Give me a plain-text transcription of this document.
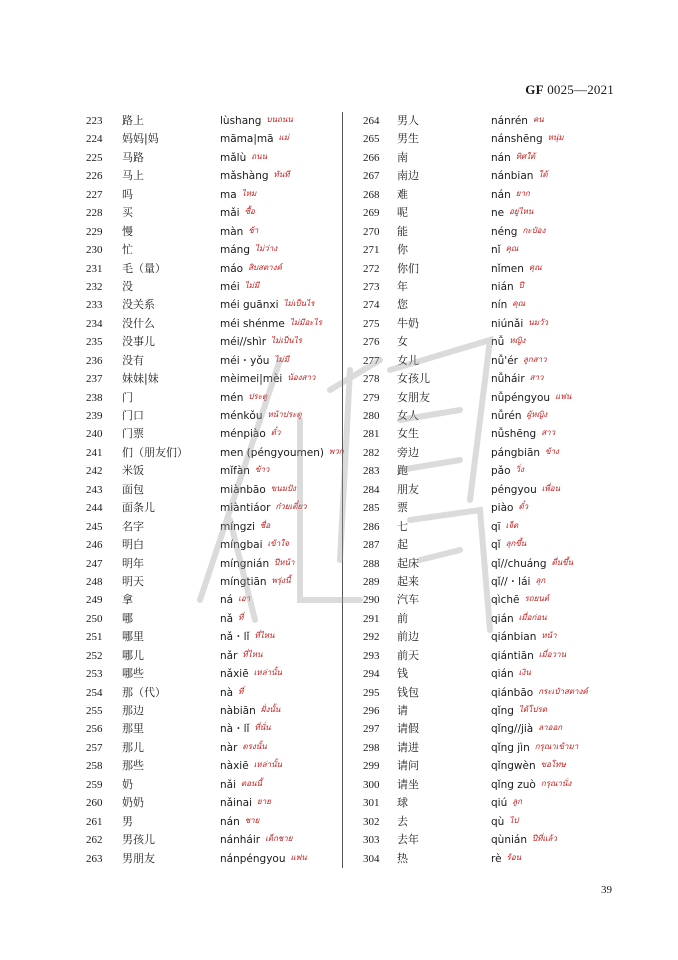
GF 0025—2021
223	路上	lùshang บนถนน
224	妈妈|妈	māma|mā แม่
225	马路	mǎlù ถนน
226	马上	mǎshàng ทันที
227	吗	ma ไหม
228	买	mǎi ซื้อ
229	慢	màn ช้า
230	忙	máng ไม่ว่าง
231	毛（量）	máo สิบสตางค์
232	没	méi ไม่มี
233	没关系	méi guānxi ไม่เป็นไร
234	没什么	méi shénme ไม่มีอะไร
235	没事儿	méi//shìr ไม่เป็นไร
236	没有	méi・yǒu ไม่มี
237	妹妹|妹	mèimei|mèi น้องสาว
238	门	mén ประตู
239	门口	ménkǒu หน้าประตู
240	门票	ménpiào ตั๋ว
241	们（朋友们）	men (péngyoumen) พวก
242	米饭	mǐfàn ข้าว
243	面包	miànbāo ขนมปัง
244	面条儿	miàntiáor ก๋วยเตี๋ยว
245	名字	míngzi ชื่อ
246	明白	míngbai เข้าใจ
247	明年	míngnián ปีหน้า
248	明天	míngtiān พรุ่งนี้
249	拿	ná เอา
250	哪	nǎ ที่
251	哪里	nǎ・lǐ ที่ไหน
252	哪儿	nǎr ที่ไหน
253	哪些	nǎxiē เหล่านั้น
254	那（代）	nà ที่
255	那边	nàbiān ฝั่งนั้น
256	那里	nà・lǐ ที่นั่น
257	那儿	nàr ตรงนั้น
258	那些	nàxiē เหล่านั้น
259	奶	nǎi ตอนนี้
260	奶奶	nǎinai ยาย
261	男	nán ชาย
262	男孩儿	nánháir เด็กชาย
263	男朋友	nánpéngyou แฟน
264	男人	nánrén คน
265	男生	nánshēng หนุ่ม
266	南	nán ทิศใต้
267	南边	nánbian ใต้
268	难	nán ยาก
269	呢	ne อยู่ไหน
270	能	néng กะป๋อง
271	你	nǐ คุณ
272	你们	nǐmen คุณ
273	年	nián ปี
274	您	nín คุณ
275	牛奶	niúnǎi นมวัว
276	女	nǚ หญิง
277	女儿	nǚ'ér ลูกสาว
278	女孩儿	nǚháir สาว
279	女朋友	nǚpéngyou แฟน
280	女人	nǚrén ผู้หญิง
281	女生	nǚshēng สาว
282	旁边	pángbiān ข้าง
283	跑	pǎo วิ่ง
284	朋友	péngyou เพื่อน
285	票	piào ตั๋ว
286	七	qī เจ็ด
287	起	qǐ ลุกขึ้น
288	起床	qǐ//chuáng ตื่นขึ้น
289	起来	qǐ//・lái ลุก
290	汽车	qìchē รถยนต์
291	前	qián เมื่อก่อน
292	前边	qiánbian หน้า
293	前天	qiántiān เมื่อวาน
294	钱	qián เงิน
295	钱包	qiánbāo กระเป๋าสตางค์
296	请	qǐng ได้โปรด
297	请假	qǐng//jià ลาออก
298	请进	qǐng jìn กรุณาเข้ามา
299	请问	qǐngwèn ขอโทษ
300	请坐	qǐng zuò กรุณานั่ง
301	球	qiú ลูก
302	去	qù ไป
303	去年	qùnián ปีที่แล้ว
304	热	rè ร้อน
39
